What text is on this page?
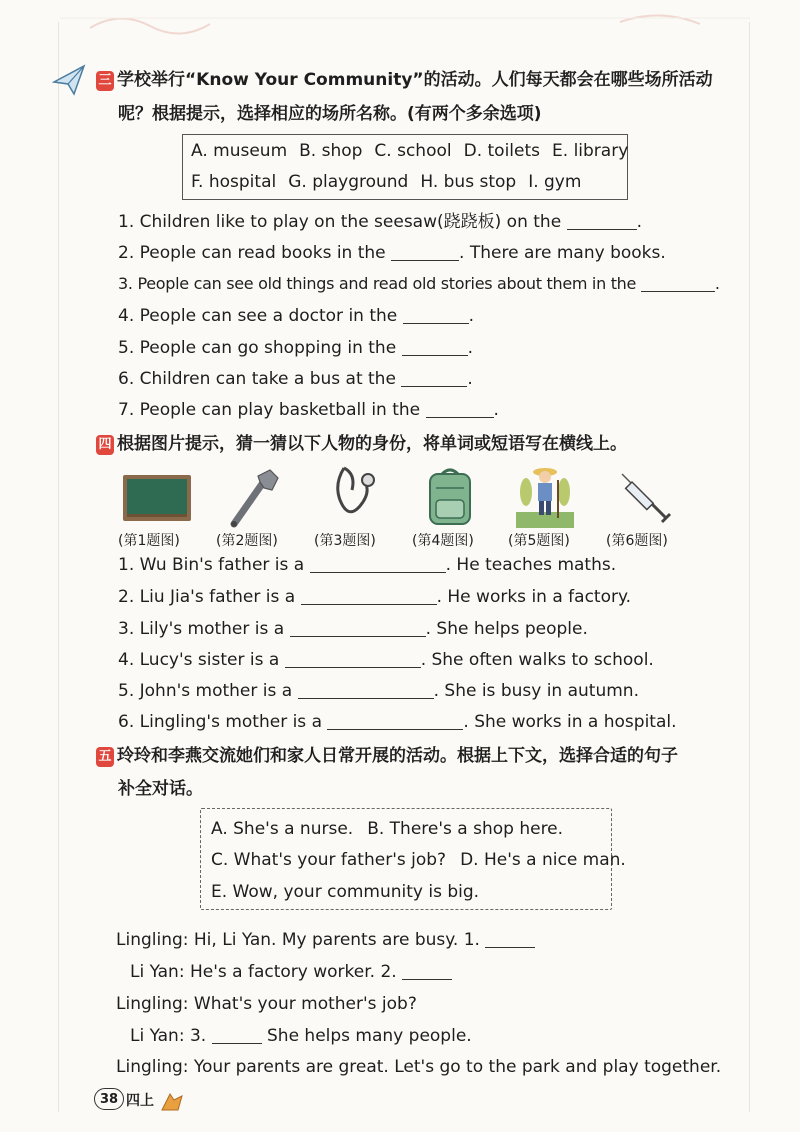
三 学校举行“Know Your Community”的活动。人们每天都会在哪些场所活动
呢？根据提示，选择相应的场所名称。(有两个多余选项)
A. museum B. shop C. school D. toilets E. library
F. hospital G. playground H. bus stop I. gym
1. Children like to play on the seesaw(跷跷板) on the	.
2. People can read books in the	. There are many books.
3. People can see old things and read old stories about them in the	.
4. People can see a doctor in the	.
5. People can go shopping in the	.
6. Children can take a bus at the	.
7. People can play basketball in the	.
四 根据图片提示，猜一猜以下人物的身份，将单词或短语写在横线上。
(第1题图)	(第2题图)	(第3题图)	(第4题图) (第5题图)	(第6题图)
1. Wu Bin's father is a	. He teaches maths.
2. Liu Jia's father is a	. He works in a factory.
3. Lily's mother is a	. She helps people.
4. Lucy's sister is a	. She often walks to school.
5. John's mother is a	. She is busy in autumn.
6. Lingling's mother is a	. She works in a hospital.
五 玲玲和李燕交流她们和家人日常开展的活动。根据上下文，选择合适的句子
补全对话。
A. She's a nurse. B. There's a shop here.
C. What's your father's job? D. He's a nice man.
E. Wow, your community is big.
Lingling: Hi, Li Yan. My parents are busy. 1.
Li Yan: He's a factory worker. 2.
Lingling: What's your mother's job?
Li Yan: 3.	She helps many people.
Lingling: Your parents are great. Let's go to the park and play together.
38 四上
